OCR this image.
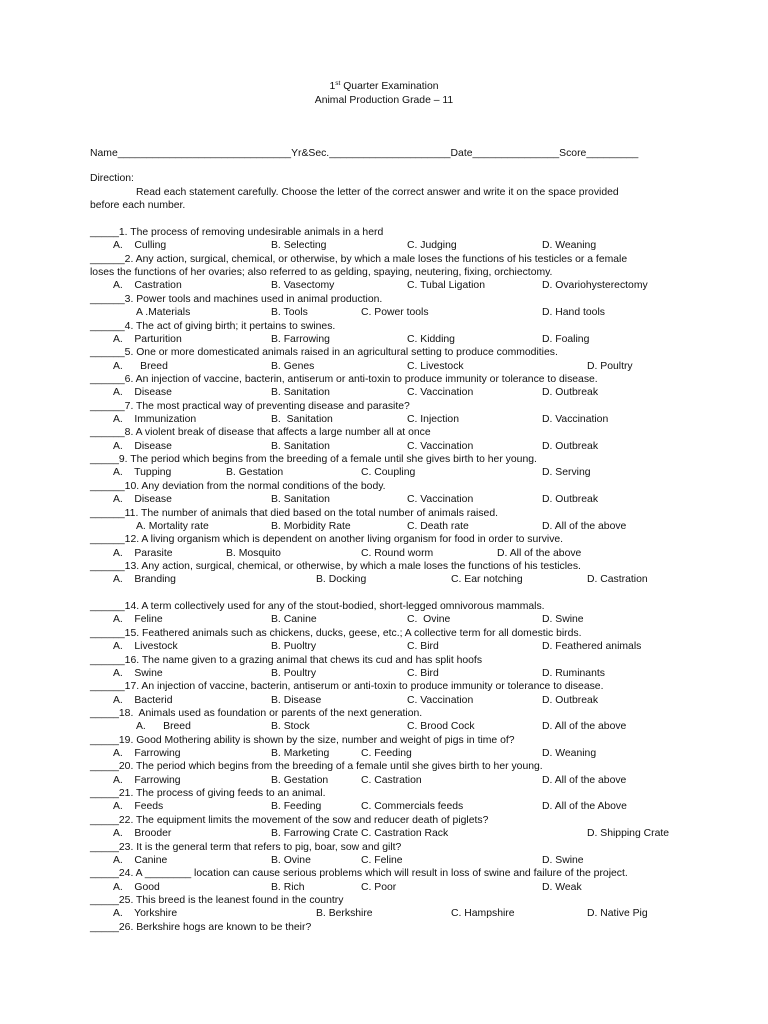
1st Quarter Examination
Animal Production Grade – 11
Name______________________________Yr&Sec._____________________Date_______________Score_________
Direction:
Read each statement carefully. Choose the letter of the correct answer and write it on the space provided
before each number.
_____1. The process of removing undesirable animals in a herd
A.    Culling	B. Selecting	C. Judging	D. Weaning
______2. Any action, surgical, chemical, or otherwise, by which a male loses the functions of his testicles or a female
loses the functions of her ovaries; also referred to as gelding, spaying, neutering, fixing, orchiectomy.
A.    Castration	B. Vasectomy	C. Tubal Ligation	D. Ovariohysterectomy
______3. Power tools and machines used in animal production.
A .Materials	B. Tools	C. Power tools	D. Hand tools
______4. The act of giving birth; it pertains to swines.
A.    Parturition	B. Farrowing	C. Kidding	D. Foaling
______5. One or more domesticated animals raised in an agricultural setting to produce commodities.
A.      Breed	B. Genes	C. Livestock	D. Poultry
______6. An injection of vaccine, bacterin, antiserum or anti-toxin to produce immunity or tolerance to disease.
A.    Disease	B. Sanitation	C. Vaccination	D. Outbreak
______7. The most practical way of preventing disease and parasite?
A.    Immunization	B.  Sanitation	C. Injection	D. Vaccination
______8. A violent break of disease that affects a large number all at once
A.    Disease	B. Sanitation	C. Vaccination	D. Outbreak
_____9. The period which begins from the breeding of a female until she gives birth to her young.
A.    Tupping	B. Gestation	C. Coupling	D. Serving
______10. Any deviation from the normal conditions of the body.
A.    Disease	B. Sanitation	C. Vaccination	D. Outbreak
______11. The number of animals that died based on the total number of animals raised.
A. Mortality rate	B. Morbidity Rate	C. Death rate	D. All of the above
______12. A living organism which is dependent on another living organism for food in order to survive.
A.    Parasite	B. Mosquito	C. Round worm	D. All of the above
______13. Any action, surgical, chemical, or otherwise, by which a male loses the functions of his testicles.
A.    Branding	B. Docking	C. Ear notching	D. Castration
______14. A term collectively used for any of the stout-bodied, short-legged omnivorous mammals.
A.    Feline	B. Canine	C.  Ovine	D. Swine
______15. Feathered animals such as chickens, ducks, geese, etc.; A collective term for all domestic birds.
A.    Livestock	B. Puoltry	C. Bird	D. Feathered animals
______16. The name given to a grazing animal that chews its cud and has split hoofs
A.    Swine	B. Poultry	C. Bird	D. Ruminants
______17. An injection of vaccine, bacterin, antiserum or anti-toxin to produce immunity or tolerance to disease.
A.    Bacterid	B. Disease	C. Vaccination	D. Outbreak
_____18.  Animals used as foundation or parents of the next generation.
A.      Breed	B. Stock	C. Brood Cock	D. All of the above
_____19. Good Mothering ability is shown by the size, number and weight of pigs in time of?
A.    Farrowing	B. Marketing	C. Feeding	D. Weaning
_____20. The period which begins from the breeding of a female until she gives birth to her young.
A.    Farrowing	B. Gestation	C. Castration	D. All of the above
_____21. The process of giving feeds to an animal.
A.    Feeds	B. Feeding	C. Commercials feeds	D. All of the Above
_____22. The equipment limits the movement of the sow and reducer death of piglets?
A.    Brooder	B. Farrowing Crate C. Castration Rack	D. Shipping Crate
_____23. It is the general term that refers to pig, boar, sow and gilt?
A.    Canine	B. Ovine	C. Feline	D. Swine
_____24. A ________ location can cause serious problems which will result in loss of swine and failure of the project.
A.    Good	B. Rich	C. Poor	D. Weak
_____25. This breed is the leanest found in the country
A.    Yorkshire	B. Berkshire	C. Hampshire	D. Native Pig
_____26. Berkshire hogs are known to be their?
